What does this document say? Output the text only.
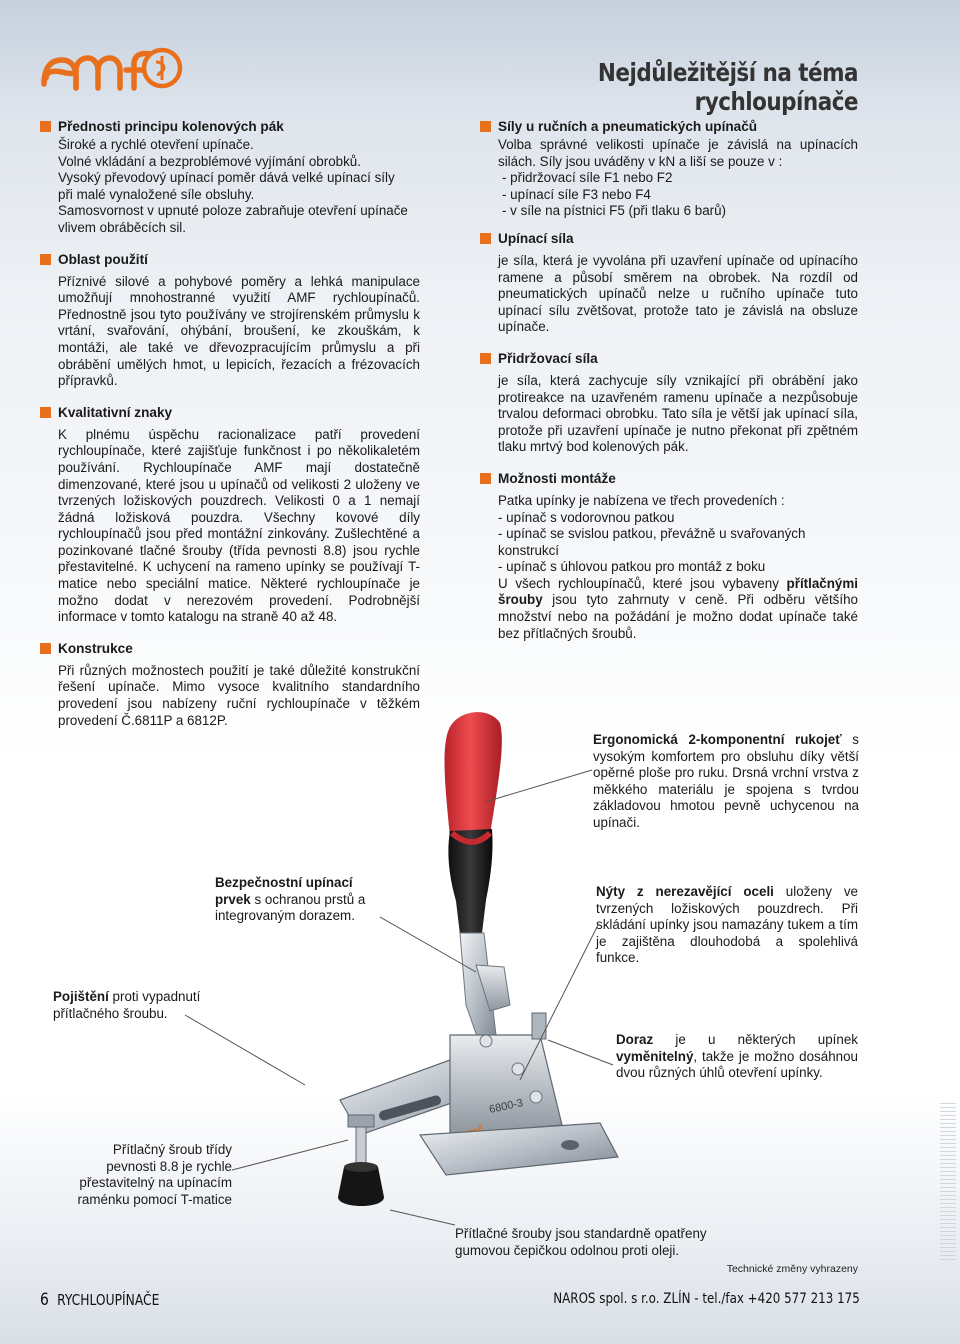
amf
Nejdůležitější na téma rychloupínače
Přednosti principu kolenových pák

Široké a rychlé otevření upínače.

Volné vkládání a bezproblémové vyjímání obrobků.

Vysoký převodový upínací poměr dává velké upínací síly

při malé vynaložené síle obsluhy.

Samosvornost v upnuté poloze zabraňuje otevření upínače

vlivem obráběcích sil.

Oblast použití

Příznivé silové a pohybové poměry a lehká manipulace umožňují mnohostranné využití AMF rychloupínačů. Přednostně jsou tyto používány ve strojírenském průmyslu k vrtání, svařování, ohýbání, broušení, ke zkouškám, k montáži, ale také ve dřevozpracujícím průmyslu a při obrábění umělých hmot, u lepicích, řezacích a frézovacích přípravků.

Kvalitativní znaky

K plnému úspěchu racionalizace patří provedení rychloupínače, které zajišťuje funkčnost i po několikaletém používání. Rychloupínače AMF mají dostatečně dimenzované, které jsou u upínačů od velikosti 2 uloženy ve tvrzených ložiskových pouzdrech. Velikosti 0 a 1 nemají žádná ložisková pouzdra. Všechny kovové díly rychloupínačů jsou před montážní zinkovány. Zušlechtěné a pozinkované tlačné šrouby (třída pevnosti 8.8) jsou rychle přestavitelné. K uchycení na rameno upínky se používají T-matice nebo speciální matice. Některé rychloupínače je možno dodat v nerezovém provedení. Podrobnější informace v tomto katalogu na straně 40 až 48.

Konstrukce

Při různých možnostech použití je také důležité konstrukční řešení upínače. Mimo vysoce kvalitního standardního provedení jsou nabízeny ruční rychloupínače v těžkém provedení Č.6811P a 6812P.

Síly u ručních a pneumatických upínačů

Volba správné velikosti upínače je závislá na upínacích silách. Síly jsou uváděny v kN a liší se pouze v :

- přidržovací síle F1 nebo F2

- upínací síle F3 nebo F4

- v síle na pístnici F5 (při tlaku 6 barů)

Upínací síla

je síla, která je vyvolána při uzavření upínače od upínacího ramene a působí směrem na obrobek. Na rozdíl od pneumatických upínačů nelze u ručního upínače tuto upínací sílu zvětšovat, protože tato je závislá na obsluze upínače.

Přidržovací síla

je síla, která zachycuje síly vznikající při obrábění jako protireakce na uzavřeném ramenu upínače a nezpůsobuje trvalou deformaci obrobku. Tato síla je větší jak upínací síla, protože při uzavření upínače je nutno překonat při zpětném tlaku mrtvý bod kolenových pák.

Možnosti montáže

Patka upínky je nabízena ve třech provedeních :

- upínač s vodorovnou patkou

- upínač se svislou patkou, převážně u svařovaných konstrukcí

- upínač s úhlovou patkou pro montáž z boku

U všech rychloupínačů, které jsou vybaveny přítlačnými šrouby jsou tyto zahrnuty v ceně. Při odběru většího množství nebo na požádání je možno dodat upínače také bez přítlačných šroubů.

6800-3

Ergonomická 2-komponentní rukojeť s vysokým komfortem pro obsluhu díky větší opěrné ploše pro ruku. Drsná vrchní vrstva z měkkého materiálu je spojena s tvrdou základovou hmotou pevně uchycenou na upínači.

Bezpečnostní upínací prvek s ochranou prstů a integrovaným dorazem.

Nýty z nerezavějící oceli uloženy ve tvrzených ložiskových pouzdrech. Při skládání upínky jsou namazány tukem a tím je zajištěna dlouhodobá a spolehlivá funkce.

Pojištění proti vypadnutí přítlačného šroubu.

Doraz je u některých upínek vyměnitelný, takže je možno dosáhnou dvou různých úhlů otevření upínky.

Přítlačný šroub třídy pevnosti 8.8 je rychle přestavitelný na upínacím raménku pomocí T-matice

Přítlačné šrouby jsou standardně opatřeny gumovou čepičkou odolnou proti oleji.

Technické změny vyhrazeny
6 RYCHLOUPÍNAČE	NAROS spol. s r.o. ZLÍN - tel./fax +420 577 213 175
